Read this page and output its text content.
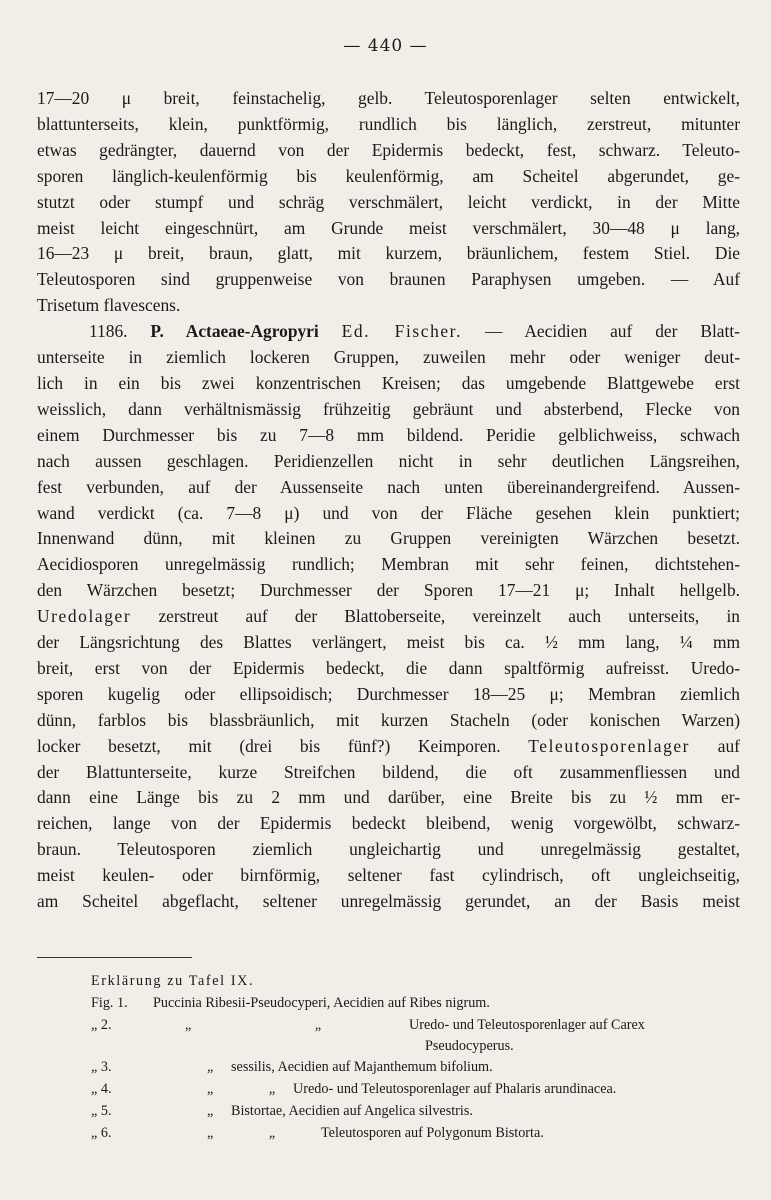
— 440 —
17—20 μ breit, feinstachelig, gelb. Teleutosporenlager selten entwickelt,
blattunterseits, klein, punktförmig, rundlich bis länglich, zerstreut, mitunter
etwas gedrängter, dauernd von der Epidermis bedeckt, fest, schwarz. Teleuto-
sporen länglich-keulenförmig bis keulenförmig, am Scheitel abgerundet, ge-
stutzt oder stumpf und schräg verschmälert, leicht verdickt, in der Mitte
meist leicht eingeschnürt, am Grunde meist verschmälert, 30—48 μ lang,
16—23 μ breit, braun, glatt, mit kurzem, bräunlichem, festem Stiel. Die
Teleutosporen sind gruppenweise von braunen Paraphysen umgeben. — Auf
Trisetum flavescens.
1186. P. Actaeae-Agropyri Ed. Fischer. — Aecidien auf der Blatt-
unterseite in ziemlich lockeren Gruppen, zuweilen mehr oder weniger deut-
lich in ein bis zwei konzentrischen Kreisen; das umgebende Blattgewebe erst
weisslich, dann verhältnismässig frühzeitig gebräunt und absterbend, Flecke von
einem Durchmesser bis zu 7—8 mm bildend. Peridie gelblichweiss, schwach
nach aussen geschlagen. Peridienzellen nicht in sehr deutlichen Längsreihen,
fest verbunden, auf der Aussenseite nach unten übereinandergreifend. Aussen-
wand verdickt (ca. 7—8 μ) und von der Fläche gesehen klein punktiert;
Innenwand dünn, mit kleinen zu Gruppen vereinigten Wärzchen besetzt.
Aecidiosporen unregelmässig rundlich; Membran mit sehr feinen, dichtstehen-
den Wärzchen besetzt; Durchmesser der Sporen 17—21 μ; Inhalt hellgelb.
Uredolager zerstreut auf der Blattoberseite, vereinzelt auch unterseits, in
der Längsrichtung des Blattes verlängert, meist bis ca. ½ mm lang, ¼ mm
breit, erst von der Epidermis bedeckt, die dann spaltförmig aufreisst. Uredo-
sporen kugelig oder ellipsoidisch; Durchmesser 18—25 μ; Membran ziemlich
dünn, farblos bis blassbräunlich, mit kurzen Stacheln (oder konischen Warzen)
locker besetzt, mit (drei bis fünf?) Keimporen. Teleutosporenlager auf
der Blattunterseite, kurze Streifchen bildend, die oft zusammenfliessen und
dann eine Länge bis zu 2 mm und darüber, eine Breite bis zu ½ mm er-
reichen, lange von der Epidermis bedeckt bleibend, wenig vorgewölbt, schwarz-
braun. Teleutosporen ziemlich ungleichartig und unregelmässig gestaltet,
meist keulen- oder birnförmig, seltener fast cylindrisch, oft ungleichseitig,
am Scheitel abgeflacht, seltener unregelmässig gerundet, an der Basis meist
Erklärung zu Tafel IX.
Fig. 1.	Puccinia Ribesii-Pseudocyperi, Aecidien auf Ribes nigrum.
„ 2.	„ „	Uredo- und Teleutosporenlager auf Carex
Pseudocyperus.
„ 3.	„ sessilis, Aecidien auf Majanthemum bifolium.
„ 4.	„ „ Uredo- und Teleutosporenlager auf Phalaris arundinacea.
„ 5.	„ Bistortae, Aecidien auf Angelica silvestris.
„ 6.	„ „	Teleutosporen auf Polygonum Bistorta.
